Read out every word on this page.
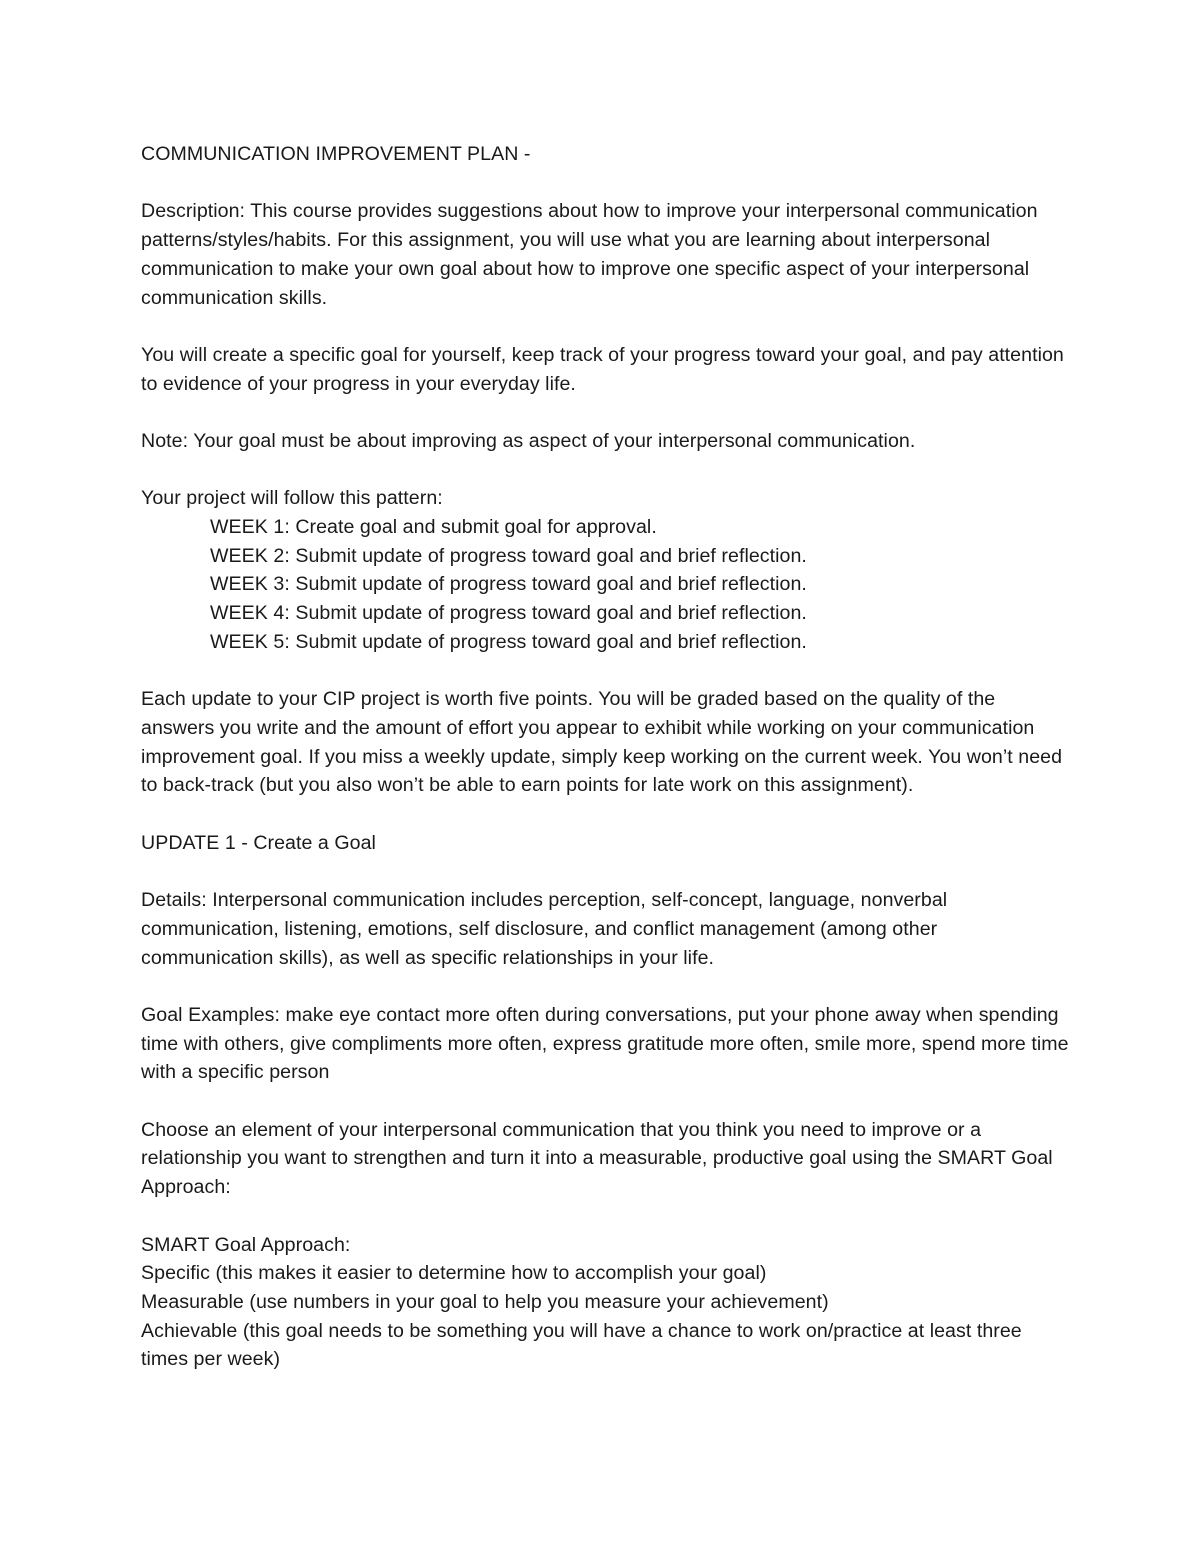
COMMUNICATION IMPROVEMENT PLAN -

Description: This course provides suggestions about how to improve your interpersonal communication patterns/styles/habits. For this assignment, you will use what you are learning about interpersonal communication to make your own goal about how to improve one specific aspect of your interpersonal communication skills.

You will create a specific goal for yourself, keep track of your progress toward your goal, and pay attention to evidence of your progress in your everyday life.

Note: Your goal must be about improving as aspect of your interpersonal communication.

Your project will follow this pattern:
WEEK 1: Create goal and submit goal for approval.
WEEK 2: Submit update of progress toward goal and brief reflection.
WEEK 3: Submit update of progress toward goal and brief reflection.
WEEK 4: Submit update of progress toward goal and brief reflection.
WEEK 5: Submit update of progress toward goal and brief reflection.

Each update to your CIP project is worth five points. You will be graded based on the quality of the answers you write and the amount of effort you appear to exhibit while working on your communication improvement goal. If you miss a weekly update, simply keep working on the current week. You won’t need to back-track (but you also won’t be able to earn points for late work on this assignment).

UPDATE 1 - Create a Goal

Details: Interpersonal communication includes perception, self-concept, language, nonverbal communication, listening, emotions, self disclosure, and conflict management (among other communication skills), as well as specific relationships in your life.

Goal Examples: make eye contact more often during conversations, put your phone away when spending time with others, give compliments more often, express gratitude more often, smile more, spend more time with a specific person

Choose an element of your interpersonal communication that you think you need to improve or a relationship you want to strengthen and turn it into a measurable, productive goal using the SMART Goal Approach:

SMART Goal Approach:
Specific (this makes it easier to determine how to accomplish your goal)
Measurable (use numbers in your goal to help you measure your achievement)
Achievable (this goal needs to be something you will have a chance to work on/practice at least three times per week)
